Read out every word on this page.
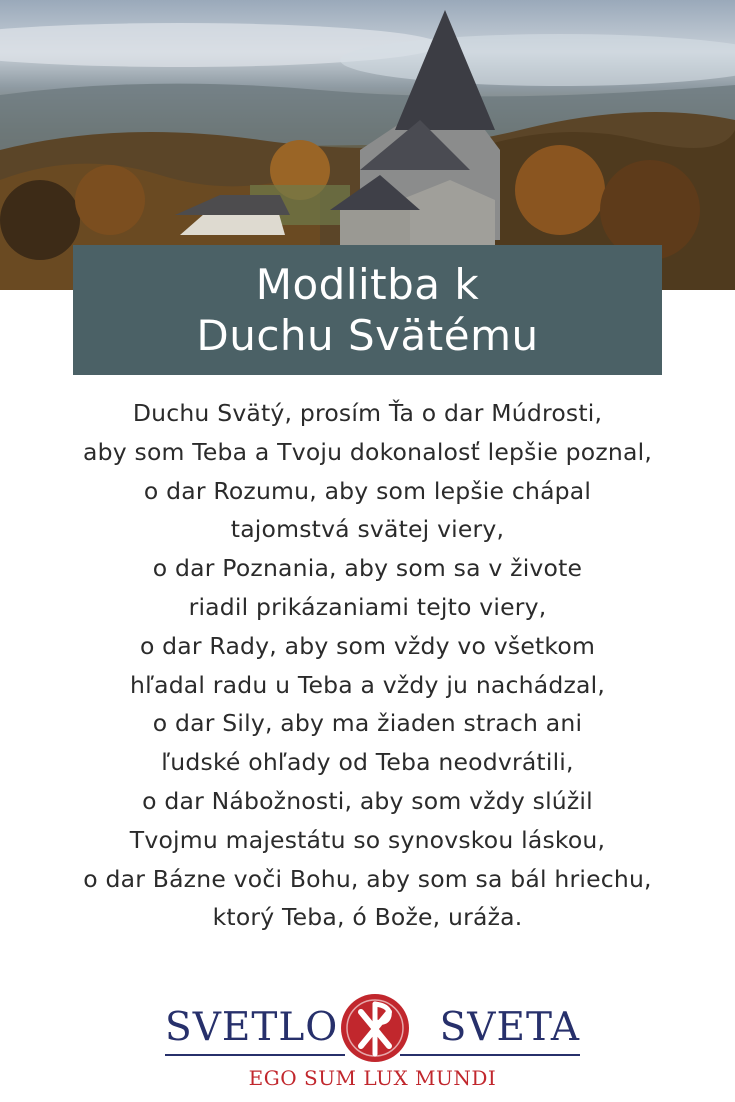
Modlitba k
Duchu Svätému
Duchu Svätý, prosím Ťa o dar Múdrosti,
aby som Teba a Tvoju dokonalosť lepšie poznal,
o dar Rozumu, aby som lepšie chápal
tajomstvá svätej viery,
o dar Poznania, aby som sa v živote
riadil prikázaniami tejto viery,
o dar Rady, aby som vždy vo všetkom
hľadal radu u Teba a vždy ju nachádzal,
o dar Sily, aby ma žiaden strach ani
ľudské ohľady od Teba neodvrátili,
o dar Nábožnosti, aby som vždy slúžil
Tvojmu majestátu so synovskou láskou,
o dar Bázne voči Bohu, aby som sa bál hriechu,
ktorý Teba, ó Bože, uráža.
SVETLO	SVETA
EGO SUM LUX MUNDI
